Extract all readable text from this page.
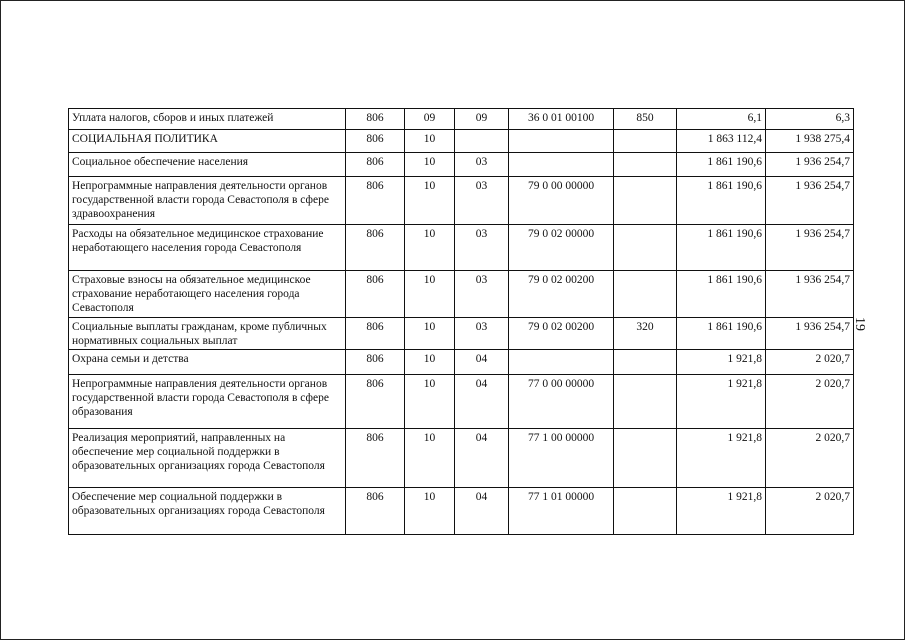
Уплата налогов, сборов и иных платежей	806	09	09	36 0 01 00100	850	6,1	6,3
СОЦИАЛЬНАЯ ПОЛИТИКА	806	10				1 863 112,4	1 938 275,4
Социальное обеспечение населения	806	10	03			1 861 190,6	1 936 254,7
Непрограммные направления деятельности органов государственной власти города Севастополя в сфере здравоохранения	806	10	03	79 0 00 00000		1 861 190,6	1 936 254,7
Расходы на обязательное медицинское страхование неработающего населения города Севастополя	806	10	03	79 0 02 00000		1 861 190,6	1 936 254,7
Страховые взносы на обязательное медицинское страхование неработающего населения города Севастополя	806	10	03	79 0 02 00200		1 861 190,6	1 936 254,7
Социальные выплаты гражданам, кроме публичных нормативных социальных выплат	806	10	03	79 0 02 00200	320	1 861 190,6	1 936 254,7
Охрана семьи и детства	806	10	04			1 921,8	2 020,7
Непрограммные направления деятельности органов государственной власти города Севастополя в сфере образования	806	10	04	77 0 00 00000		1 921,8	2 020,7
Реализация мероприятий, направленных на обеспечение мер социальной поддержки в образовательных организациях города Севастополя	806	10	04	77 1 00 00000		1 921,8	2 020,7
Обеспечение мер социальной поддержки в образовательных организациях города Севастополя	806	10	04	77 1 01 00000		1 921,8	2 020,7
19
